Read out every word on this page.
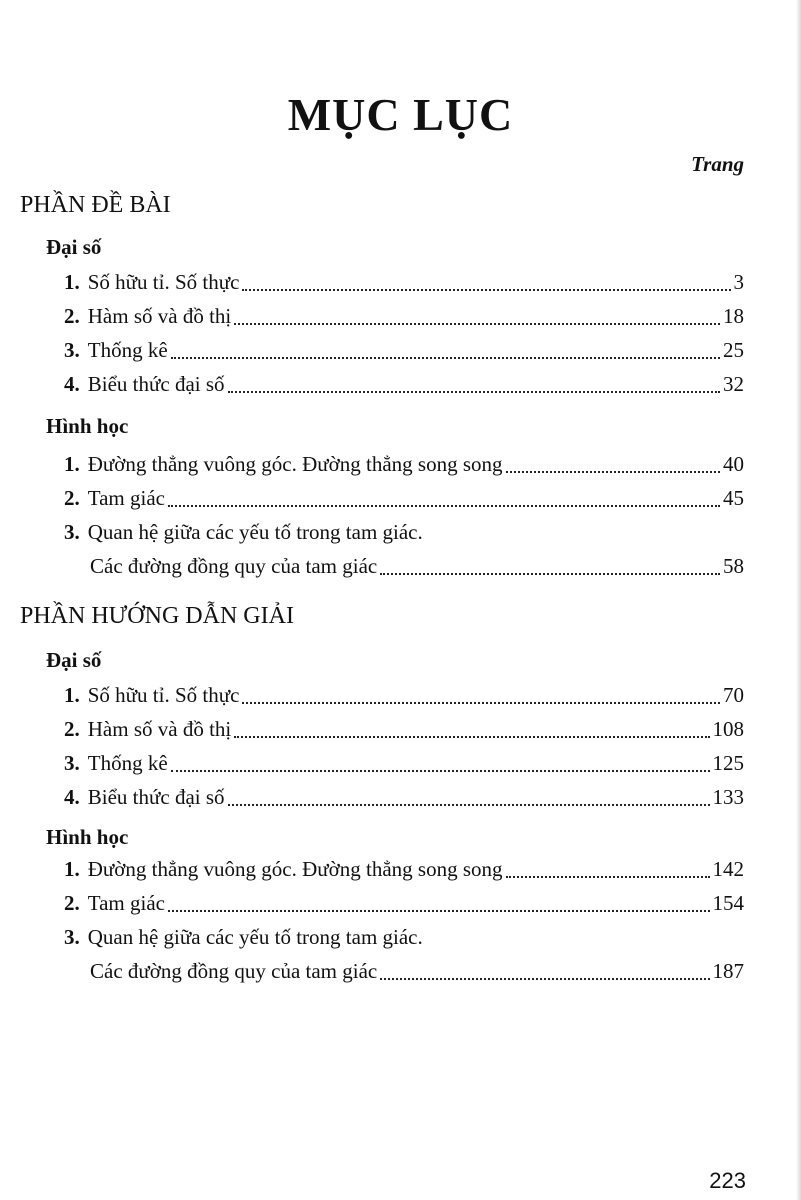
MỤC LỤC
Trang
PHẦN ĐỀ BÀI
Đại số
1. Số hữu tỉ. Số thực	3
2. Hàm số và đồ thị	18
3. Thống kê	25
4. Biểu thức đại số	32
Hình học
1. Đường thẳng vuông góc. Đường thẳng song song	40
2. Tam giác	45
3. Quan hệ giữa các yếu tố trong tam giác.
Các đường đồng quy của tam giác	58
PHẦN HƯỚNG DẪN GIẢI
Đại số
1. Số hữu tỉ. Số thực	70
2. Hàm số và đồ thị	108
3. Thống kê	125
4. Biểu thức đại số	133
Hình học
1. Đường thẳng vuông góc. Đường thẳng song song	142
2. Tam giác	154
3. Quan hệ giữa các yếu tố trong tam giác.
Các đường đồng quy của tam giác	187
223
